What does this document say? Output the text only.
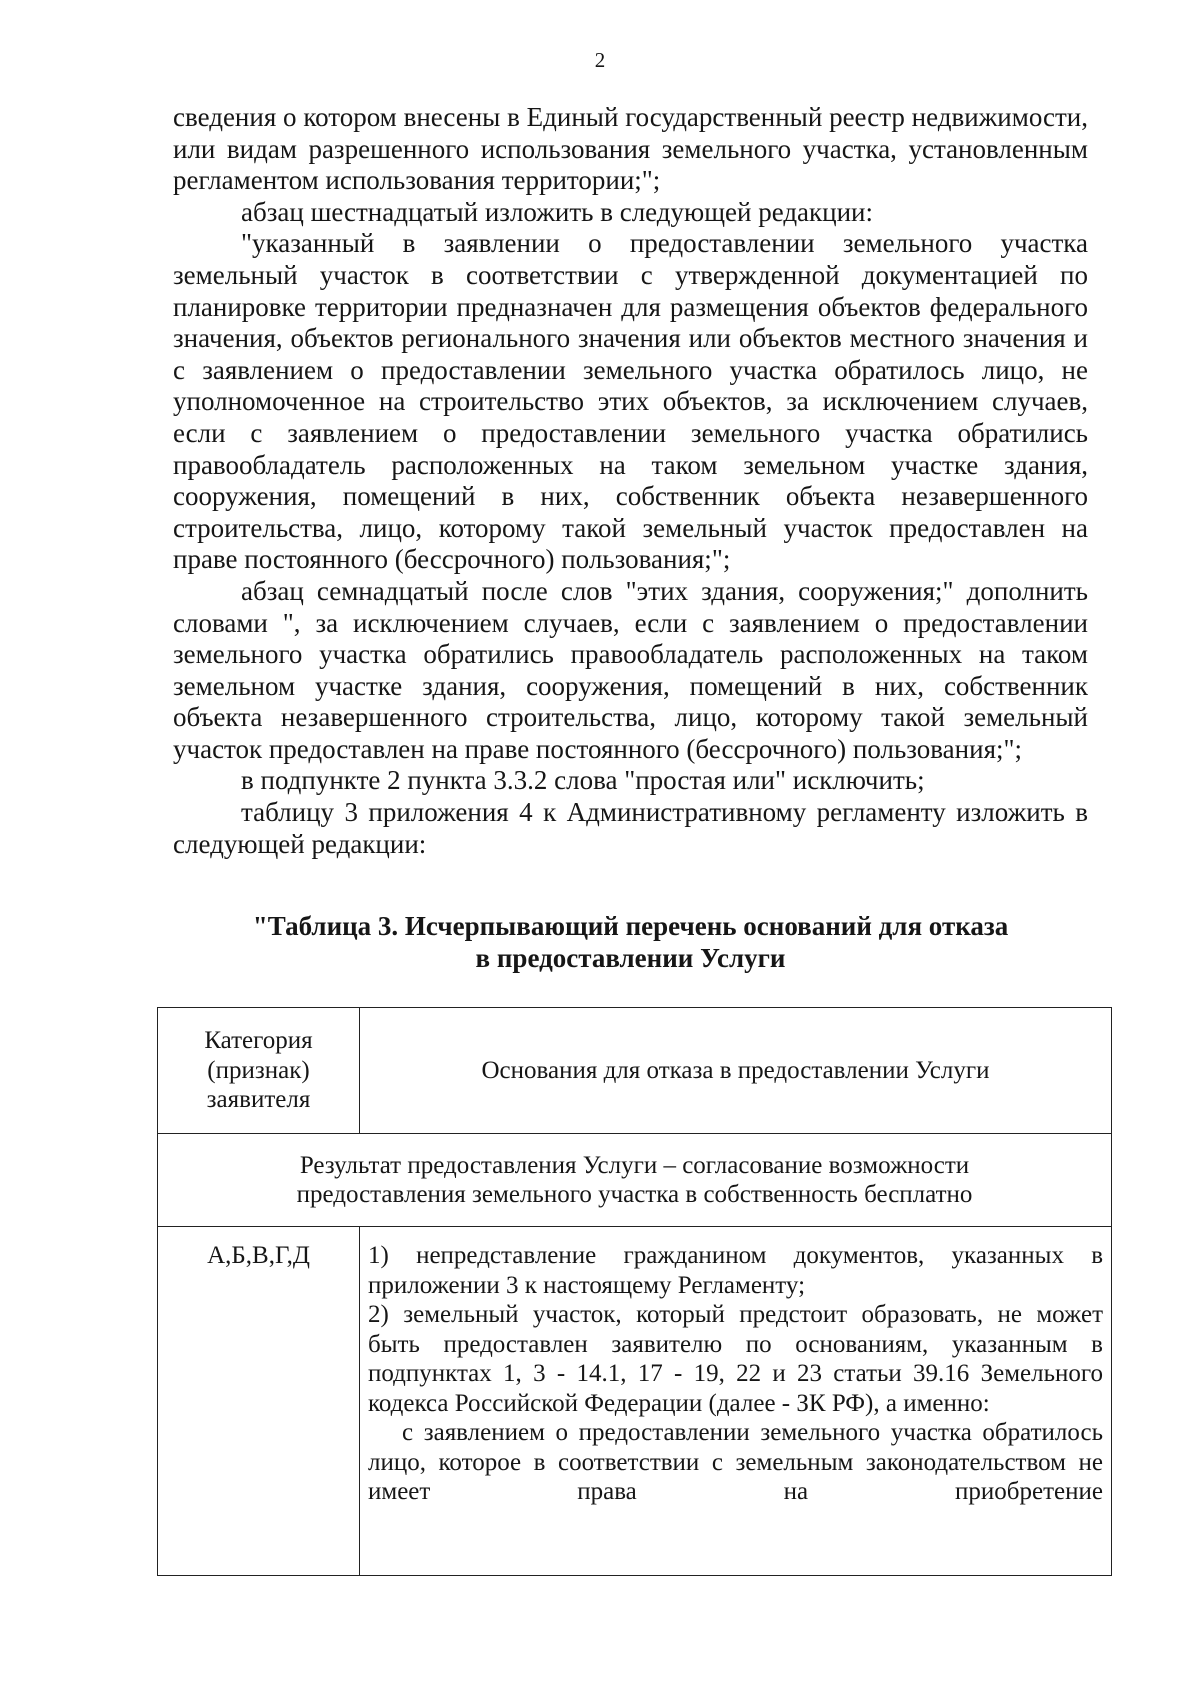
2

сведения о котором внесены в Единый государственный реестр недвижимости, или видам разрешенного использования земельного участка, установленным регламентом использования территории;";

абзац шестнадцатый изложить в следующей редакции:

"указанный в заявлении о предоставлении земельного участка земельный участок в соответствии с утвержденной документацией по планировке территории предназначен для размещения объектов федерального значения, объектов регионального значения или объектов местного значения и с заявлением о предоставлении земельного участка обратилось лицо, не уполномоченное на строительство этих объектов, за исключением случаев, если с заявлением о предоставлении земельного участка обратились правообладатель расположенных на таком земельном участке здания, сооружения, помещений в них, собственник объекта незавершенного строительства, лицо, которому такой земельный участок предоставлен на праве постоянного (бессрочного) пользования;";

абзац семнадцатый после слов "этих здания, сооружения;" дополнить словами ", за исключением случаев, если с заявлением о предоставлении земельного участка обратились правообладатель расположенных на таком земельном участке здания, сооружения, помещений в них, собственник объекта незавершенного строительства, лицо, которому такой земельный участок предоставлен на праве постоянного (бессрочного) пользования;";

в подпункте 2 пункта 3.3.2 слова "простая или" исключить;

таблицу 3 приложения 4 к Административному регламенту изложить в следующей редакции:

"Таблица 3. Исчерпывающий перечень оснований для отказа
в предоставлении Услуги
Категория (признак) заявителя	Основания для отказа в предоставлении Услуги
Результат предоставления Услуги – согласование возможности предоставления земельного участка в собственность бесплатно	
А,Б,В,Г,Д	1) непредставление гражданином документов, указанных в приложении 3 к настоящему Регламенту;

2) земельный участок, который предстоит образовать, не может быть предоставлен заявителю по основаниям, указанным в подпунктах 1, 3 - 14.1, 17 - 19, 22 и 23 статьи 39.16 Земельного кодекса Российской Федерации (далее - ЗК РФ), а именно:

с заявлением о предоставлении земельного участка обратилось лицо, которое в соответствии с земельным законодательством не имеет права на приобретение
